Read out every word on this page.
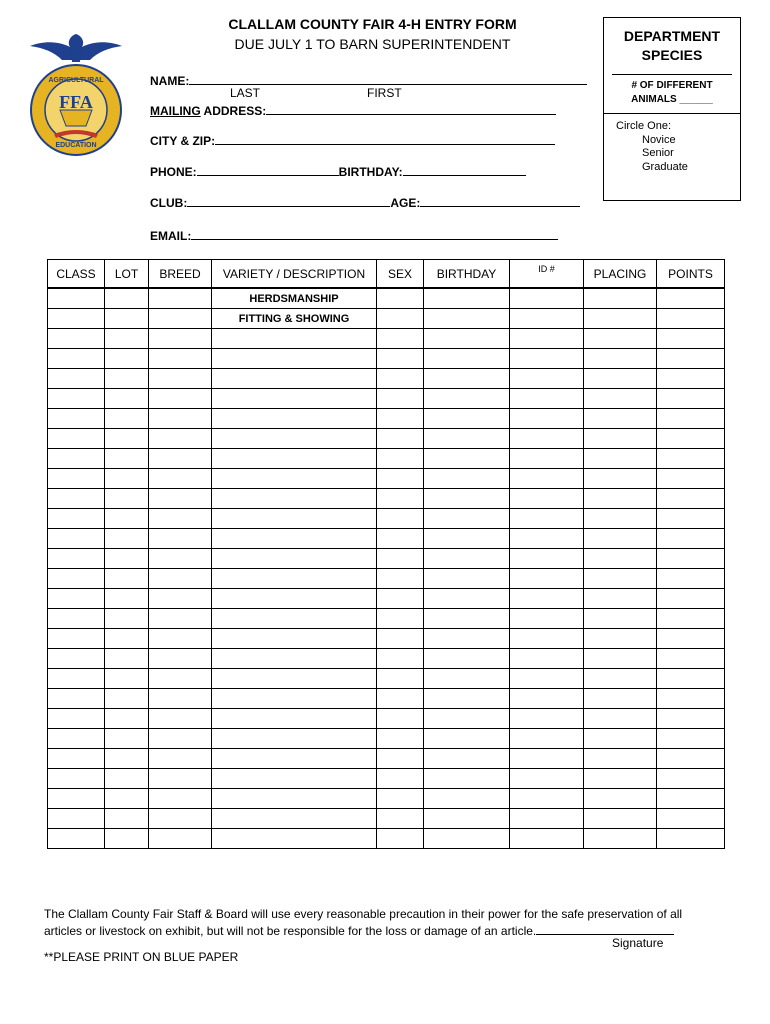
FFA
AGRICULTURAL
EDUCATION
CLALLAM COUNTY FAIR 4-H ENTRY FORM
DUE JULY 1 TO BARN SUPERINTENDENT
NAME:
LAST	FIRST
MAILING ADDRESS:
CITY & ZIP:
PHONE:	BIRTHDAY:
CLUB:	AGE:
EMAIL:
DEPARTMENT
SPECIES
# OF DIFFERENT
ANIMALS ______
Circle One:
Novice
Senior
Graduate
CLASS	LOT	BREED	VARIETY / DESCRIPTION	SEX	BIRTHDAY	ID #	PLACING	POINTS
			HERDSMANSHIP					
			FITTING & SHOWING					

The Clallam County Fair Staff & Board will use every reasonable precaution in their power for the safe preservation of all
articles or livestock on exhibit, but will not be responsible for the loss or damage of an article.
Signature
**PLEASE PRINT ON BLUE PAPER
